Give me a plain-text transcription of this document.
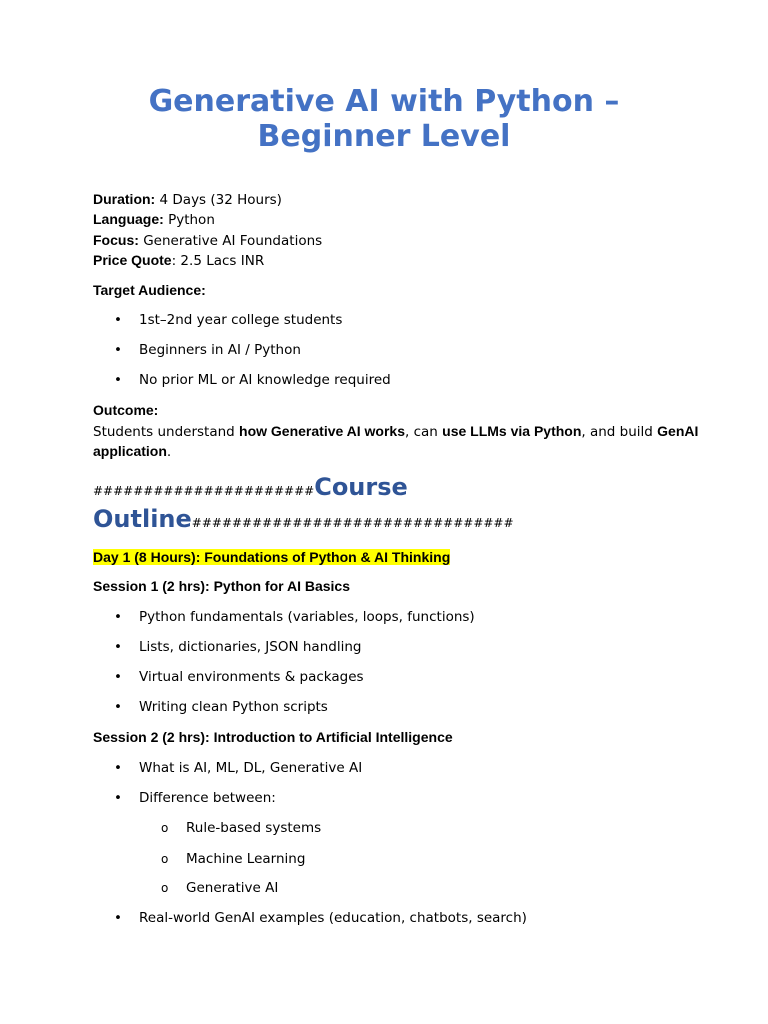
Generative AI with Python –
Beginner Level
Duration: 4 Days (32 Hours)
Language: Python
Focus: Generative AI Foundations
Price Quote: 2.5 Lacs INR
Target Audience:
• 1st–2nd year college students
• Beginners in AI / Python
• No prior ML or AI knowledge required
Outcome:
Students understand how Generative AI works, can use LLMs via Python, and build GenAI
application.
######################Course
Outline################################
Day 1 (8 Hours): Foundations of Python & AI Thinking
Session 1 (2 hrs): Python for AI Basics
• Python fundamentals (variables, loops, functions)
• Lists, dictionaries, JSON handling
• Virtual environments & packages
• Writing clean Python scripts
Session 2 (2 hrs): Introduction to Artificial Intelligence
• What is AI, ML, DL, Generative AI
• Difference between:
o Rule-based systems
o Machine Learning
o Generative AI
• Real-world GenAI examples (education, chatbots, search)
